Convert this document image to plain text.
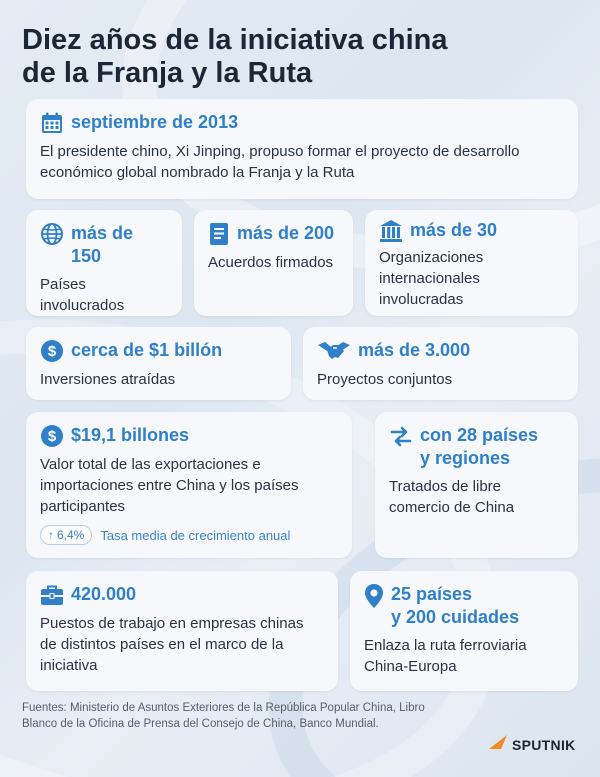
Diez años de la iniciativa china
de la Franja y la Ruta
septiembre de 2013
El presidente chino, Xi Jinping, propuso formar el proyecto de desarrollo económico global nombrado la Franja y la Ruta
más de 150
Países involucrados
más de 200
Acuerdos firmados
más de 30
Organizaciones internacionales involucradas
$ cerca de $1 billón
Inversiones atraídas
más de 3.000
Proyectos conjuntos
$ $19,1 billones
Valor total de las exportaciones e importaciones entre China y los países participantes
↑ 6,4% Tasa media de crecimiento anual
con 28 países
y regiones
Tratados de libre comercio de China
420.000
Puestos de trabajo en empresas chinas de distintos países en el marco de la iniciativa
25 países
y 200 cuidades
Enlaza la ruta ferroviaria China-Europa
Fuentes: Ministerio de Asuntos Exteriores de la República Popular China, Libro Blanco de la Oficina de Prensa del Consejo de China, Banco Mundial.
SPUTNIK
